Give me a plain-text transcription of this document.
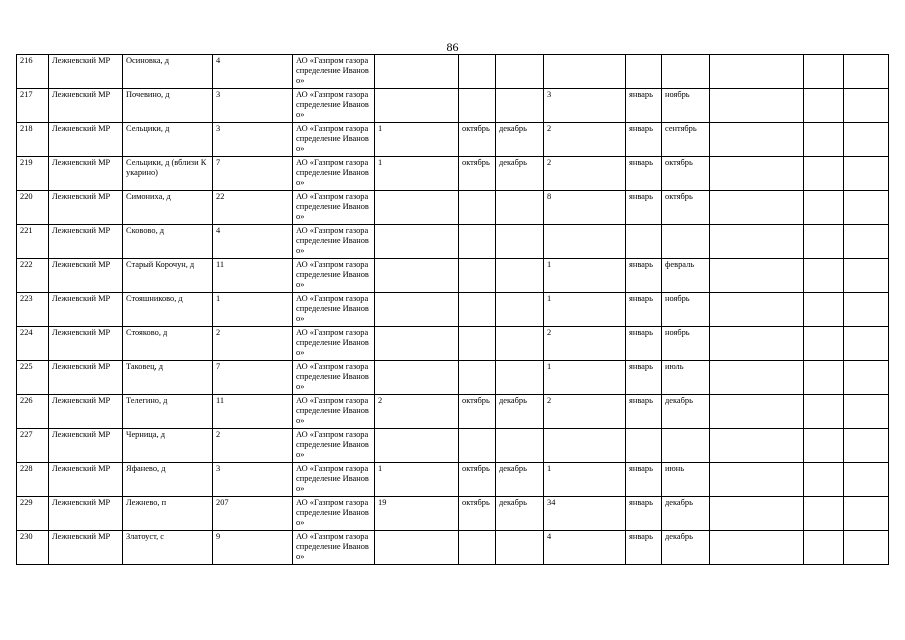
86
216	Лежневский МР	Осиновка, д	4	АО «Газпром газораспределение Иваново»									
217	Лежневский МР	Почевино, д	3	АО «Газпром газораспределение Иваново»				3	январь	ноябрь			
218	Лежневский МР	Сельцики, д	3	АО «Газпром газораспределение Иваново»	1	октябрь	декабрь	2	январь	сентябрь			
219	Лежневский МР	Сельцики, д (вблизи Кукарино)	7	АО «Газпром газораспределение Иваново»	1	октябрь	декабрь	2	январь	октябрь			
220	Лежневский МР	Симониха, д	22	АО «Газпром газораспределение Иваново»				8	январь	октябрь			
221	Лежневский МР	Сковово, д	4	АО «Газпром газораспределение Иваново»									
222	Лежневский МР	Старый Корочун, д	11	АО «Газпром газораспределение Иваново»				1	январь	февраль			
223	Лежневский МР	Стояшниково, д	1	АО «Газпром газораспределение Иваново»				1	январь	ноябрь			
224	Лежневский МР	Стояково, д	2	АО «Газпром газораспределение Иваново»				2	январь	ноябрь			
225	Лежневский МР	Таковец, д	7	АО «Газпром газораспределение Иваново»				1	январь	июль			
226	Лежневский МР	Телегино, д	11	АО «Газпром газораспределение Иваново»	2	октябрь	декабрь	2	январь	декабрь			
227	Лежневский МР	Черница, д	2	АО «Газпром газораспределение Иваново»									
228	Лежневский МР	Яфанево, д	3	АО «Газпром газораспределение Иваново»	1	октябрь	декабрь	1	январь	июнь			
229	Лежневский МР	Лежнево, п	207	АО «Газпром газораспределение Иваново»	19	октябрь	декабрь	34	январь	декабрь			
230	Лежневский МР	Златоуст, с	9	АО «Газпром газораспределение Иваново»				4	январь	декабрь			
